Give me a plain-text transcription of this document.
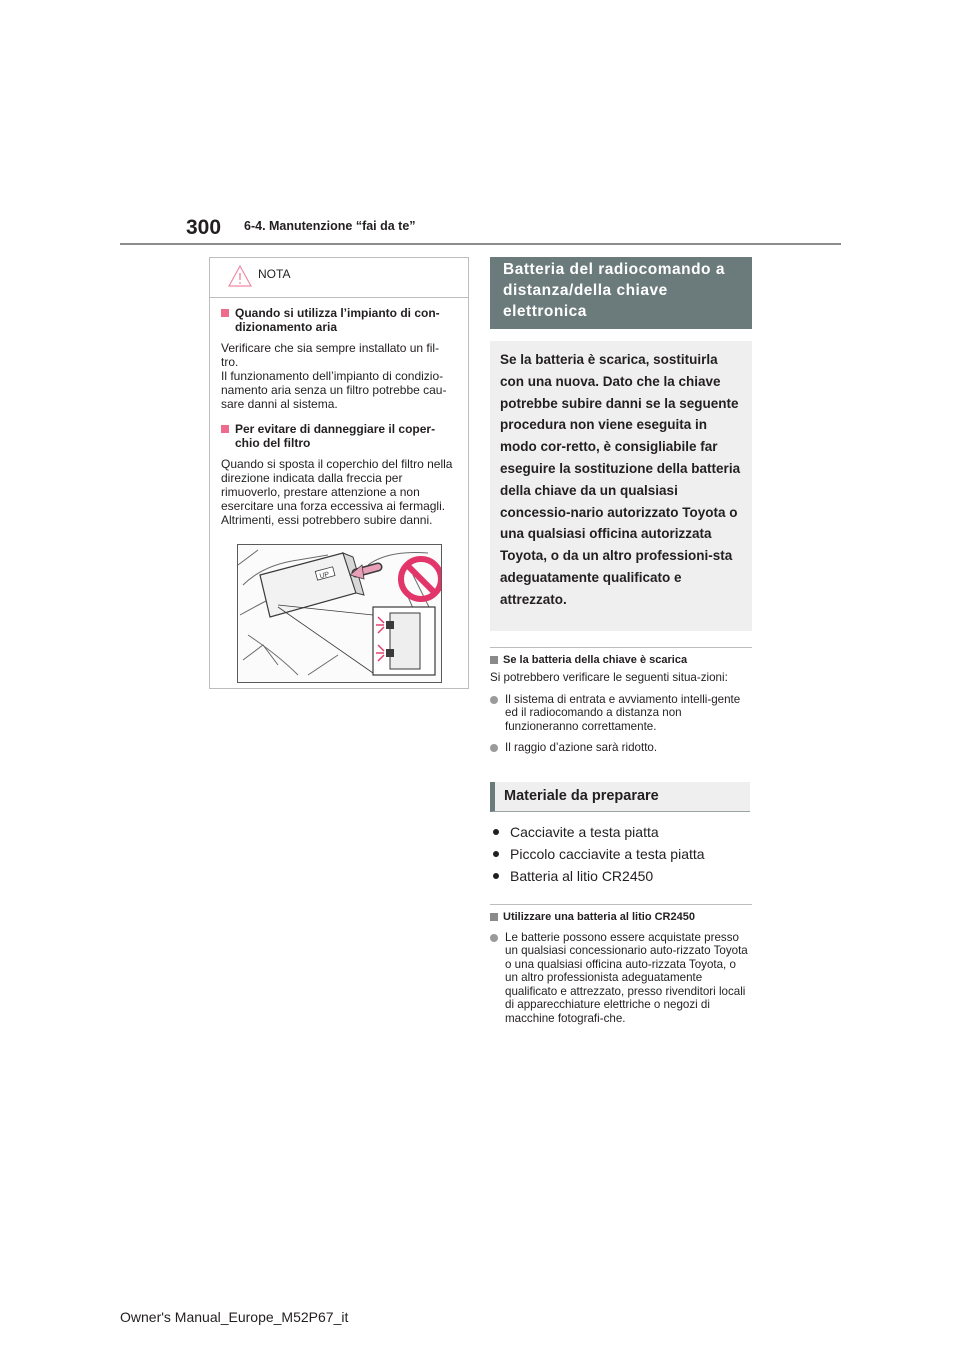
300 6-4. Manutenzione “fai da te”
NOTA
Quando si utilizza l’impianto di con-dizionamento aria

Verificare che sia sempre installato un fil-tro.

Il funzionamento dell’impianto di condizio-namento aria senza un filtro potrebbe cau-sare danni al sistema.

Per evitare di danneggiare il coper-chio del filtro

Quando si sposta il coperchio del filtro nella direzione indicata dalla freccia per rimuoverlo, prestare attenzione a non esercitare una forza eccessiva ai fermagli. Altrimenti, essi potrebbero subire danni.

UP
Batteria del radiocomando a distanza/della chiave elettronica
Se la batteria è scarica, sostituirla con una nuova. Dato che la chiave potrebbe subire danni se la seguente procedura non viene eseguita in modo cor-retto, è consigliabile far eseguire la sostituzione della batteria della chiave da un qualsiasi concessio-nario autorizzato Toyota o una qualsiasi officina autorizzata Toyota, o da un altro professioni-sta adeguatamente qualificato e attrezzato.
Se la batteria della chiave è scarica

Si potrebbero verificare le seguenti situa-zioni:

Il sistema di entrata e avviamento intelli-gente ed il radiocomando a distanza non funzioneranno correttamente.
Il raggio d’azione sarà ridotto.
Materiale da preparare
Cacciavite a testa piatta
Piccolo cacciavite a testa piatta
Batteria al litio CR2450
Utilizzare una batteria al litio CR2450
Le batterie possono essere acquistate presso un qualsiasi concessionario auto-rizzato Toyota o una qualsiasi officina auto-rizzata Toyota, o un altro professionista adeguatamente qualificato e attrezzato, presso rivenditori locali di apparecchiature elettriche o negozi di macchine fotografi-che.
Owner's Manual_Europe_M52P67_it
